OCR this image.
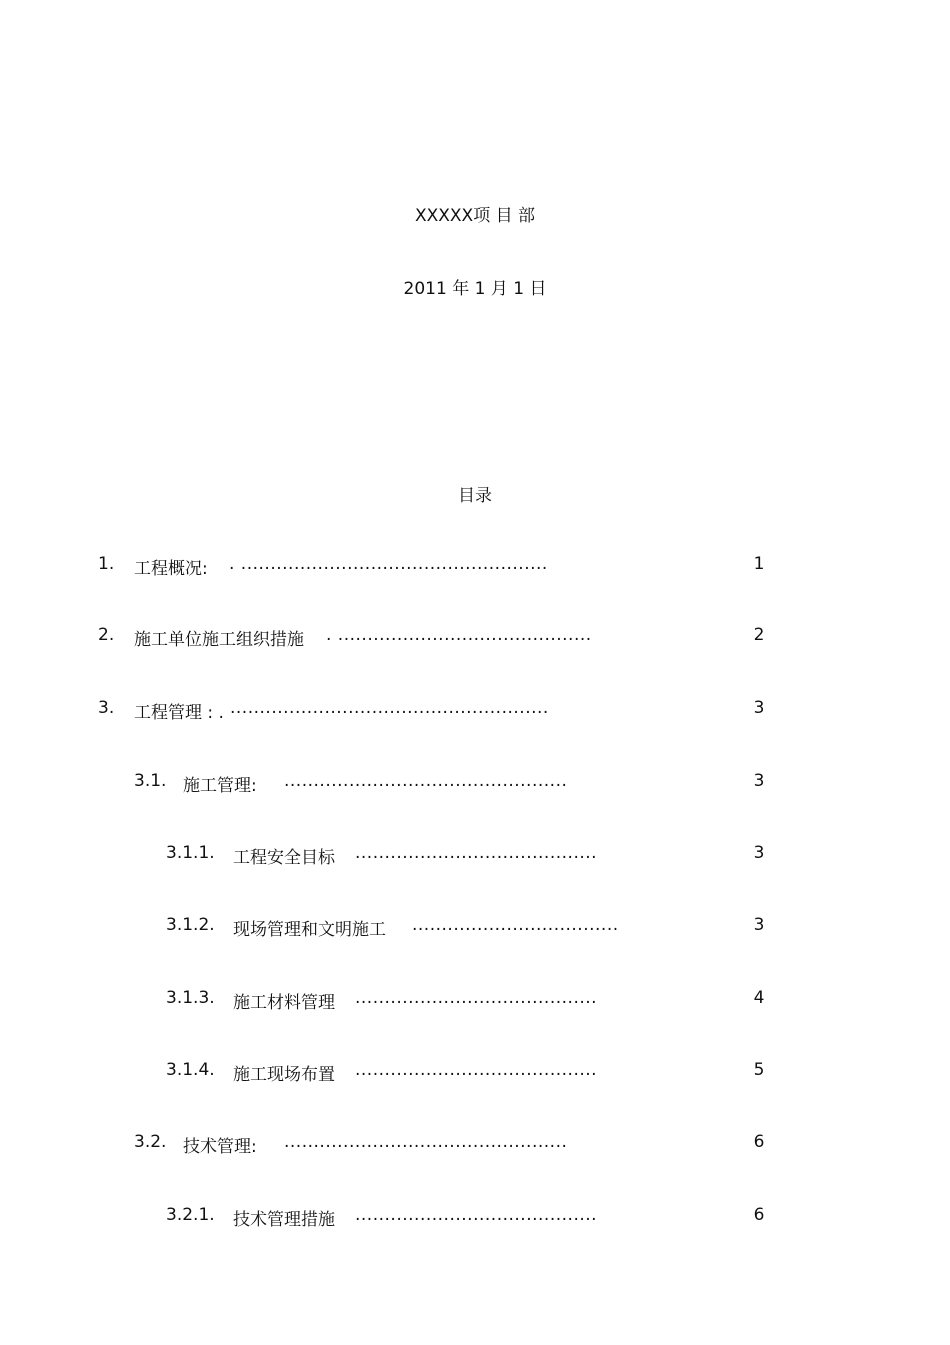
XXXXX项 目 部
2011 年 1 月 1 日
目录
1. 工程概况: . ....................................................	1
2. 施工单位施工组织措施 . ...........................................	2
3. 工程管理 : . ......................................................	3
3.1. 施工管理: ................................................	3
3.1.1. 工程安全目标 .........................................	3
3.1.2. 现场管理和文明施工 ...................................	3
3.1.3. 施工材料管理 .........................................	4
3.1.4. 施工现场布置 .........................................	5
3.2. 技术管理: ................................................	6
3.2.1. 技术管理措施 .........................................	6
